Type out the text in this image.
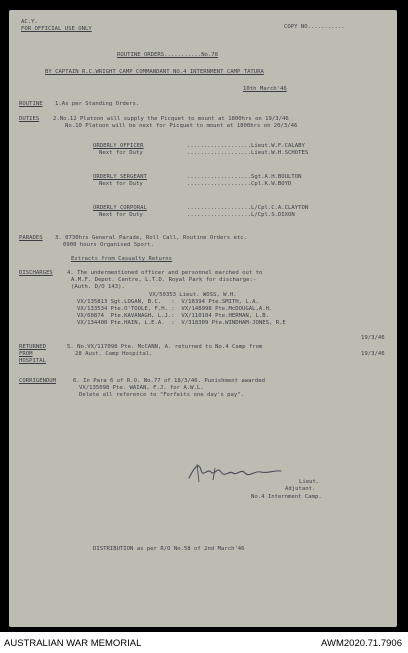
AC.Y.
FOR OFFICIAL USE ONLY	COPY NO...........
ROUTINE ORDERS...........No.78
BY CAPTAIN R.C.WRIGHT CAMP COMMANDANT NO.4 INTERNMENT CAMP TATURA
10th March'46
ROUTINE 1.As per Standing Orders.
DUTIES 2.No.12 Platoon will supply the Picquet to mount at 1800hrs on 19/3/46
No.10 Platoon will be next for Picquet to mount at 1800hrs on 20/3/46
ORDERLY OFFICER	...................Lieut.W.F.CALABY
Next for Duty	...................Lieut.W.H.SCHOTES
ORDERLY SERGEANT	...................Sgt.A.H.BOULTON
Next for Duty	...................Cpl.K.W.BOYD
ORDERLY CORPORAL	...................L/Cpl.C.A.CLAYTON
Next for Duty	...................L/Cpl.S.DIXON
PARADES 3. 0730hrs General Parade, Roll Call, Routine Orders etc.
0900 hours Organised Sport.
Extracts from Casualty Returns
DISCHARGES	4. The undermentioned officer and personnel marched out to
A.M.F. Depot. Centre, L.T.D. Royal Park for discharge:-
(Auth. D/O 143).
VX/50353 Lieut. WOSS, W.H.
VX/135813 Sgt.LOGAN, B.C.   :  V/18394 Pte.SMITH, L.A.
VX/133534 Pte.O'TOOLE, F.H. :  VX/148998 Pte.McDOUGAL,A.H.
VX/60874  Pte.KAVANAGH, L.J.:  VX/110104 Pte.HERMAN, L.B.
VX/134400 Pte.HAIN, L.E.A.  :  V/318309 Pte.WINDHAM-JONES, R.E
RETURNED
FROM
HOSPITAL
19/3/46
5. No.VX/117098 Pte. McCANN, A. returned to No.4 Camp from
28 Aust. Camp Hospital.	19/3/46
CORRIGENDUM	6. In Para 6 of R.O. No.77 of 18/3/46. Punishment awarded
VX/135098 Pte. WAIAN, F.J. for A.W.L.
Delete all reference to "Forfeits one day's pay".
Lieut.
Adjutant.
No.4 Internment Camp.
DISTRIBUTION as per R/O No.58 of 2nd March'46
AUSTRALIAN WAR MEMORIAL	AWM2020.71.7906
